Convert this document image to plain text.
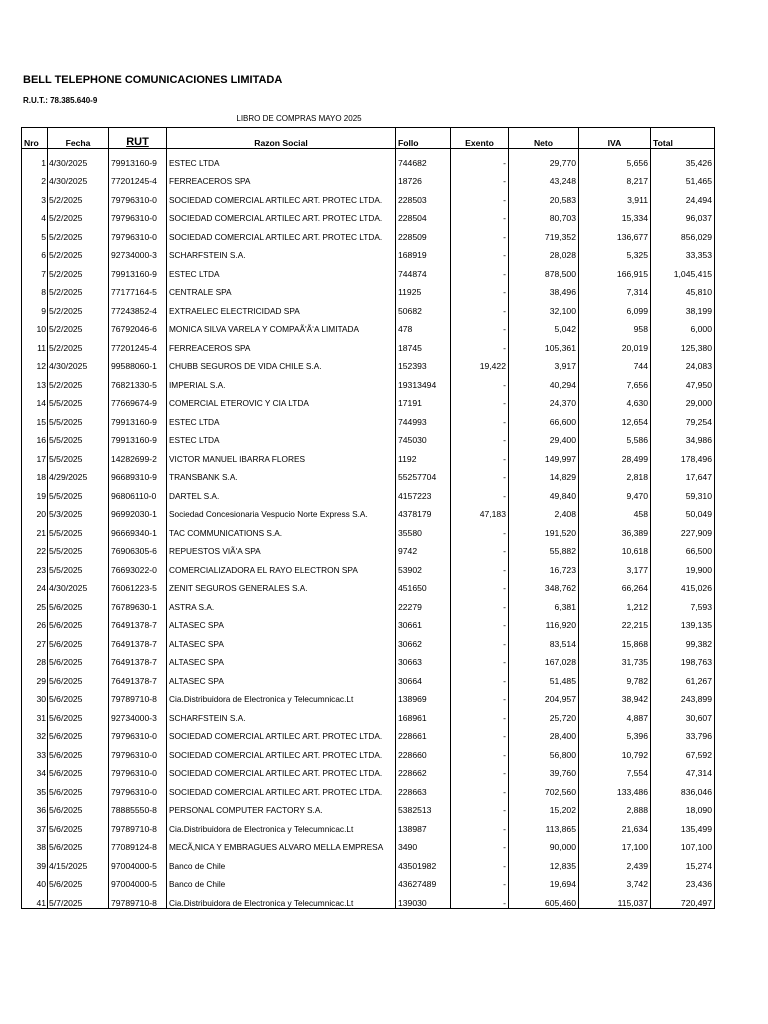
BELL TELEPHONE COMUNICACIONES LIMITADA
R.U.T.: 78.385.640-9
LIBRO DE COMPRAS MAYO 2025
Nro	Fecha	RUT	Razon Social	Follo	Exento	Neto	IVA	Total
1	4/30/2025	79913160-9	ESTEC LTDA	744682	-	29,770	5,656	35,426
2	4/30/2025	77201245-4	FERREACEROS SPA	18726	-	43,248	8,217	51,465
3	5/2/2025	79796310-0	SOCIEDAD COMERCIAL ARTILEC ART. PROTEC LTDA.	228503	-	20,583	3,911	24,494
4	5/2/2025	79796310-0	SOCIEDAD COMERCIAL ARTILEC ART. PROTEC LTDA.	228504	-	80,703	15,334	96,037
5	5/2/2025	79796310-0	SOCIEDAD COMERCIAL ARTILEC ART. PROTEC LTDA.	228509	-	719,352	136,677	856,029
6	5/2/2025	92734000-3	SCHARFSTEIN S.A.	168919	-	28,028	5,325	33,353
7	5/2/2025	79913160-9	ESTEC LTDA	744874	-	878,500	166,915	1,045,415
8	5/2/2025	77177164-5	CENTRALE SPA	11925	-	38,496	7,314	45,810
9	5/2/2025	77243852-4	EXTRAELEC ELECTRICIDAD SPA	50682	-	32,100	6,099	38,199
10	5/2/2025	76792046-6	MONICA SILVA VARELA Y COMPAÃ'Ã‘A LIMITADA	478	-	5,042	958	6,000
11	5/2/2025	77201245-4	FERREACEROS SPA	18745	-	105,361	20,019	125,380
12	4/30/2025	99588060-1	CHUBB SEGUROS DE VIDA CHILE S.A.	152393	19,422	3,917	744	24,083
13	5/2/2025	76821330-5	IMPERIAL S.A.	19313494	-	40,294	7,656	47,950
14	5/5/2025	77669674-9	COMERCIAL ETEROVIC Y CIA LTDA	17191	-	24,370	4,630	29,000
15	5/5/2025	79913160-9	ESTEC LTDA	744993	-	66,600	12,654	79,254
16	5/5/2025	79913160-9	ESTEC LTDA	745030	-	29,400	5,586	34,986
17	5/5/2025	14282699-2	VICTOR MANUEL IBARRA FLORES	1192	-	149,997	28,499	178,496
18	4/29/2025	96689310-9	TRANSBANK S.A.	55257704	-	14,829	2,818	17,647
19	5/5/2025	96806110-0	DARTEL S.A.	4157223	-	49,840	9,470	59,310
20	5/3/2025	96992030-1	Sociedad Concesionaria Vespucio Norte Express S.A.	4378179	47,183	2,408	458	50,049
21	5/5/2025	96669340-1	TAC COMMUNICATIONS S.A.	35580	-	191,520	36,389	227,909
22	5/5/2025	76906305-6	REPUESTOS VIÃ'A SPA	9742	-	55,882	10,618	66,500
23	5/5/2025	76693022-0	COMERCIALIZADORA EL RAYO ELECTRON SPA	53902	-	16,723	3,177	19,900
24	4/30/2025	76061223-5	ZENIT SEGUROS GENERALES S.A.	451650	-	348,762	66,264	415,026
25	5/6/2025	76789630-1	ASTRA S.A.	22279	-	6,381	1,212	7,593
26	5/6/2025	76491378-7	ALTASEC SPA	30661	-	116,920	22,215	139,135
27	5/6/2025	76491378-7	ALTASEC SPA	30662	-	83,514	15,868	99,382
28	5/6/2025	76491378-7	ALTASEC SPA	30663	-	167,028	31,735	198,763
29	5/6/2025	76491378-7	ALTASEC SPA	30664	-	51,485	9,782	61,267
30	5/6/2025	79789710-8	Cia.Distribuidora de Electronica y Telecumnicac.Lt	138969	-	204,957	38,942	243,899
31	5/6/2025	92734000-3	SCHARFSTEIN S.A.	168961	-	25,720	4,887	30,607
32	5/6/2025	79796310-0	SOCIEDAD COMERCIAL ARTILEC ART. PROTEC LTDA.	228661	-	28,400	5,396	33,796
33	5/6/2025	79796310-0	SOCIEDAD COMERCIAL ARTILEC ART. PROTEC LTDA.	228660	-	56,800	10,792	67,592
34	5/6/2025	79796310-0	SOCIEDAD COMERCIAL ARTILEC ART. PROTEC LTDA.	228662	-	39,760	7,554	47,314
35	5/6/2025	79796310-0	SOCIEDAD COMERCIAL ARTILEC ART. PROTEC LTDA.	228663	-	702,560	133,486	836,046
36	5/6/2025	78885550-8	PERSONAL COMPUTER FACTORY S.A.	5382513	-	15,202	2,888	18,090
37	5/6/2025	79789710-8	Cia.Distribuidora de Electronica y Telecumnicac.Lt	138987	-	113,865	21,634	135,499
38	5/6/2025	77089124-8	MECÃ‚NICA Y EMBRAGUES ALVARO MELLA EMPRESA	3490	-	90,000	17,100	107,100
39	4/15/2025	97004000-5	Banco de Chile	43501982	-	12,835	2,439	15,274
40	5/6/2025	97004000-5	Banco de Chile	43627489	-	19,694	3,742	23,436
41	5/7/2025	79789710-8	Cia.Distribuidora de Electronica y Telecumnicac.Lt	139030	-	605,460	115,037	720,497
